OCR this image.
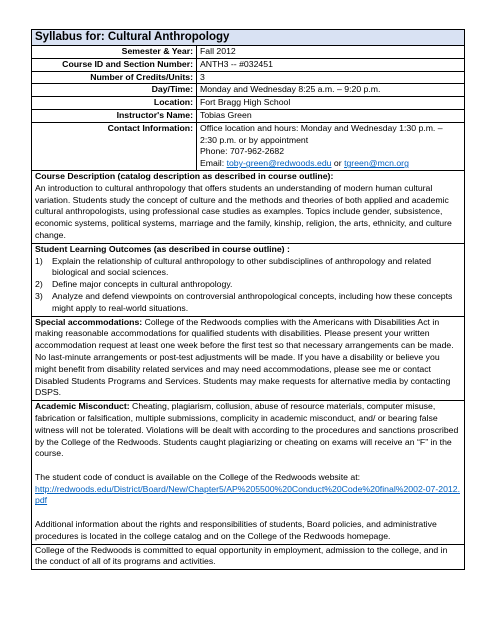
Syllabus for: Cultural Anthropology
Semester & Year:	Fall 2012
Course ID and Section Number:	ANTH3 -- #032451
Number of Credits/Units:	3
Day/Time:	Monday and Wednesday 8:25 a.m. – 9:20 p.m.
Location:	Fort Bragg High School
Instructor's Name:	Tobias Green
Contact Information:	Office location and hours: Monday and Wednesday 1:30 p.m. – 2:30 p.m. or by appointment
Phone: 707-962-2682
Email: toby-green@redwoods.edu or tgreen@mcn.org
Course Description (catalog description as described in course outline):

An introduction to cultural anthropology that offers students an understanding of modern human cultural variation. Students study the concept of culture and the methods and theories of both applied and academic cultural anthropologists, using professional case studies as examples. Topics include gender, subsistence, economic systems, political systems, marriage and the family, kinship, religion, the arts, ethnicity, and culture change.

Student Learning Outcomes (as described in course outline) :
1) Explain the relationship of cultural anthropology to other subdisciplines of anthropology and related biological and social sciences.
2) Define major concepts in cultural anthropology.
3) Analyze and defend viewpoints on controversial anthropological concepts, including how these concepts might apply to real-world situations.

Special accommodations: College of the Redwoods complies with the Americans with Disabilities Act in making reasonable accommodations for qualified students with disabilities. Please present your written accommodation request at least one week before the first test so that necessary arrangements can be made. No last-minute arrangements or post-test adjustments will be made. If you have a disability or believe you might benefit from disability related services and may need accommodations, please see me or contact Disabled Students Programs and Services. Students may make requests for alternative media by contacting DSPS.

Academic Misconduct: Cheating, plagiarism, collusion, abuse of resource materials, computer misuse, fabrication or falsification, multiple submissions, complicity in academic misconduct, and/ or bearing false witness will not be tolerated. Violations will be dealt with according to the procedures and sanctions proscribed by the College of the Redwoods. Students caught plagiarizing or cheating on exams will receive an “F” in the course.

The student code of conduct is available on the College of the Redwoods website at:

http://redwoods.edu/District/Board/New/Chapter5/AP%205500%20Conduct%20Code%20final%2002-07-2012.pdf

Additional information about the rights and responsibilities of students, Board policies, and administrative procedures is located in the college catalog and on the College of the Redwoods homepage.

College of the Redwoods is committed to equal opportunity in employment, admission to the college, and in the conduct of all of its programs and activities.
